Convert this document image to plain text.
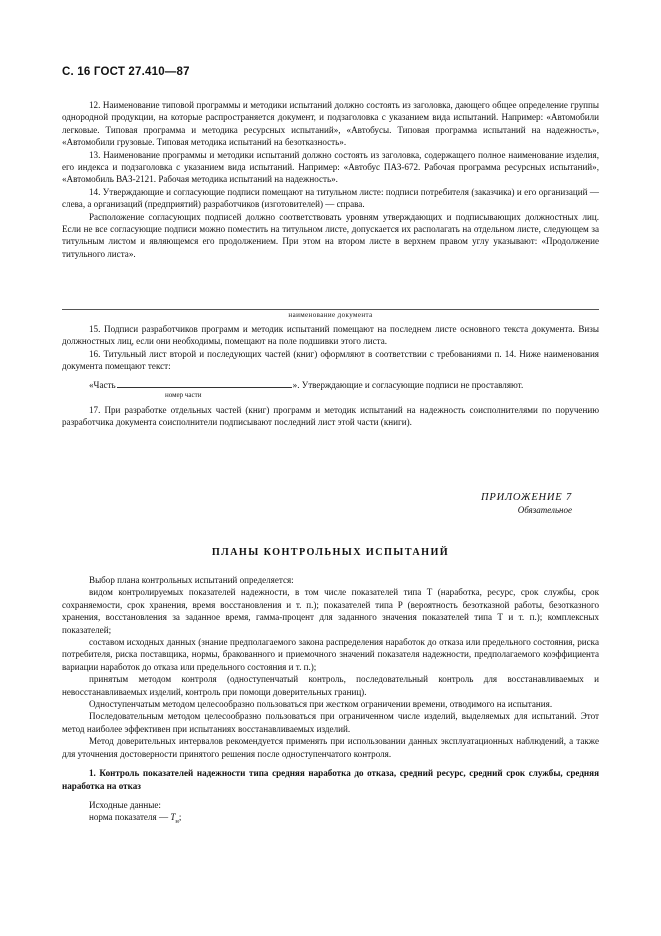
С. 16 ГОСТ 27.410—87

12. Наименование типовой программы и методики испытаний должно состоять из заголовка, дающего общее определение группы однородной продукции, на которые распространяется документ, и подзаголовка с указанием вида испытаний. Например: «Автомобили легковые. Типовая программа и методика ресурсных испытаний», «Автобусы. Типовая программа испытаний на надежность», «Автомобили грузовые. Типовая методика испытаний на безотказность».

13. Наименование программы и методики испытаний должно состоять из заголовка, содержащего полное наименование изделия, его индекса и подзаголовка с указанием вида испытаний. Например: «Автобус ПАЗ-672. Рабочая программа ресурсных испытаний», «Автомобиль ВАЗ-2121. Рабочая методика испытаний на надежность».

14. Утверждающие и согласующие подписи помещают на титульном листе: подписи потребителя (заказчика) и его организаций — слева, а организаций (предприятий) разработчиков (изготовителей) — справа.

Расположение согласующих подписей должно соответствовать уровням утверждающих и подписывающих должностных лиц. Если не все согласующие подписи можно поместить на титульном листе, допускается их располагать на отдельном листе, следующем за титульным листом и являющемся его продолжением. При этом на втором листе в верхнем правом углу указывают: «Продолжение титульного листа».

наименование документа

15. Подписи разработчиков программ и методик испытаний помещают на последнем листе основного текста документа. Визы должностных лиц, если они необходимы, помещают на поле подшивки этого листа.

16. Титульный лист второй и последующих частей (книг) оформляют в соответствии с требованиями п. 14. Ниже наименования документа помещают текст:

«Часть	». Утверждающие и согласующие подписи не проставляют.
номер части

17. При разработке отдельных частей (книг) программ и методик испытаний на надежность соисполнителями по поручению разработчика документа соисполнители подписывают последний лист этой части (книги).

ПРИЛОЖЕНИЕ 7
Обязательное
ПЛАНЫ КОНТРОЛЬНЫХ ИСПЫТАНИЙ

Выбор плана контрольных испытаний определяется:

видом контролируемых показателей надежности, в том числе показателей типа Т (наработка, ресурс, срок службы, срок сохраняемости, срок хранения, время восстановления и т. п.); показателей типа Р (вероятность безотказной работы, безотказного хранения, восстановления за заданное время, гамма-процент для заданного значения показателей типа Т и т. п.); комплексных показателей;

составом исходных данных (знание предполагаемого закона распределения наработок до отказа или предельного состояния, риска потребителя, риска поставщика, нормы, бракованного и приемочного значений показателя надежности, предполагаемого коэффициента вариации наработок до отказа или предельного состояния и т. п.);

принятым методом контроля (одноступенчатый контроль, последовательный контроль для восстанавливаемых и невосстанавливаемых изделий, контроль при помощи доверительных границ).

Одноступенчатым методом целесообразно пользоваться при жестком ограничении времени, отводимого на испытания.

Последовательным методом целесообразно пользоваться при ограниченном числе изделий, выделяемых для испытаний. Этот метод наиболее эффективен при испытаниях восстанавливаемых изделий.

Метод доверительных интервалов рекомендуется применять при использовании данных эксплуатационных наблюдений, а также для уточнения достоверности принятого решения после одноступенчатого контроля.

1. Контроль показателей надежности типа средняя наработка до отказа, средний ресурс, средний срок службы, средняя наработка на отказ

Исходные данные:

норма показателя — $T_н$;
